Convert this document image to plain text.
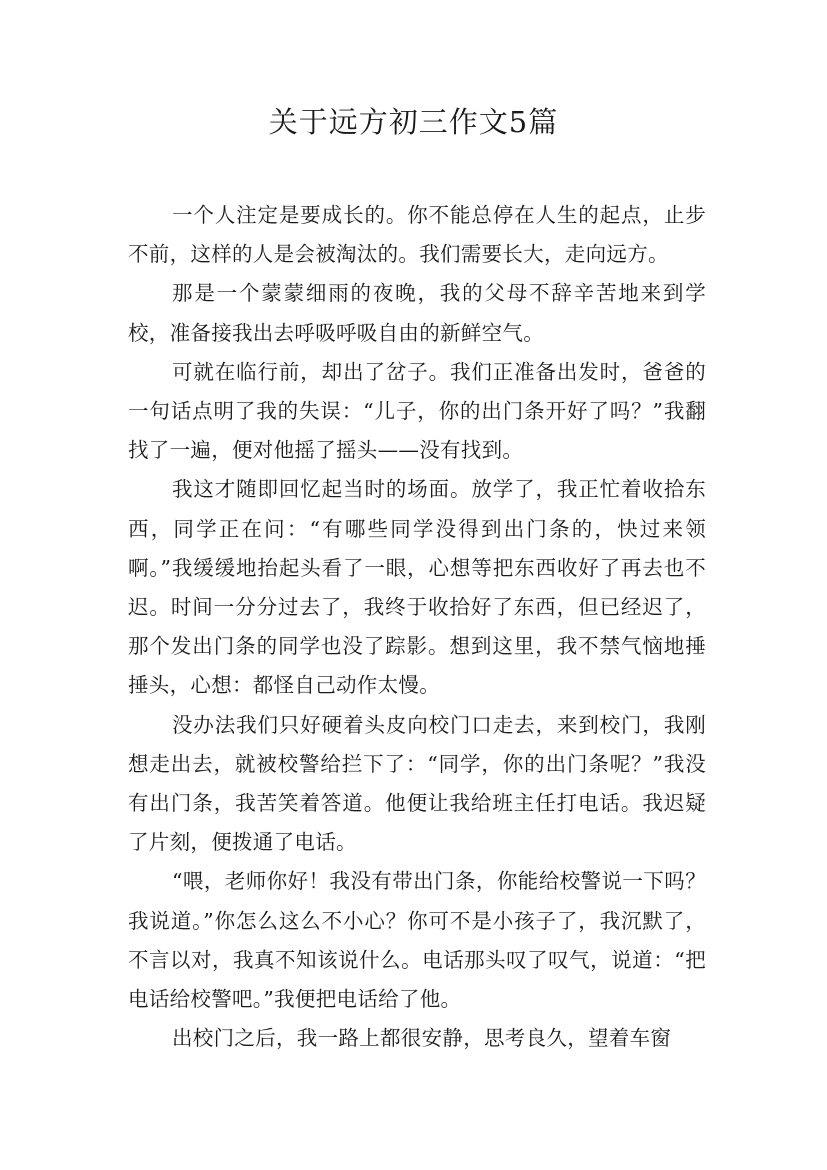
关于远方初三作文5篇

一个人注定是要成长的。你不能总停在人生的起点，止步不前，这样的人是会被淘汰的。我们需要长大，走向远方。

那是一个蒙蒙细雨的夜晚，我的父母不辞辛苦地来到学校，准备接我出去呼吸呼吸自由的新鲜空气。

可就在临行前，却出了岔子。我们正准备出发时，爸爸的一句话点明了我的失误：“儿子，你的出门条开好了吗？”我翻找了一遍，便对他摇了摇头——没有找到。

我这才随即回忆起当时的场面。放学了，我正忙着收拾东西，同学正在问：“有哪些同学没得到出门条的，快过来领啊。”我缓缓地抬起头看了一眼，心想等把东西收好了再去也不迟。时间一分分过去了，我终于收拾好了东西，但已经迟了，那个发出门条的同学也没了踪影。想到这里，我不禁气恼地捶捶头，心想：都怪自己动作太慢。

没办法我们只好硬着头皮向校门口走去，来到校门，我刚想走出去，就被校警给拦下了：“同学，你的出门条呢？”我没有出门条，我苦笑着答道。他便让我给班主任打电话。我迟疑了片刻，便拨通了电话。

“喂，老师你好！我没有带出门条，你能给校警说一下吗？我说道。”你怎么这么不小心？你可不是小孩子了，我沉默了，不言以对，我真不知该说什么。电话那头叹了叹气，说道：“把电话给校警吧。”我便把电话给了他。

出校门之后，我一路上都很安静，思考良久，望着车窗
